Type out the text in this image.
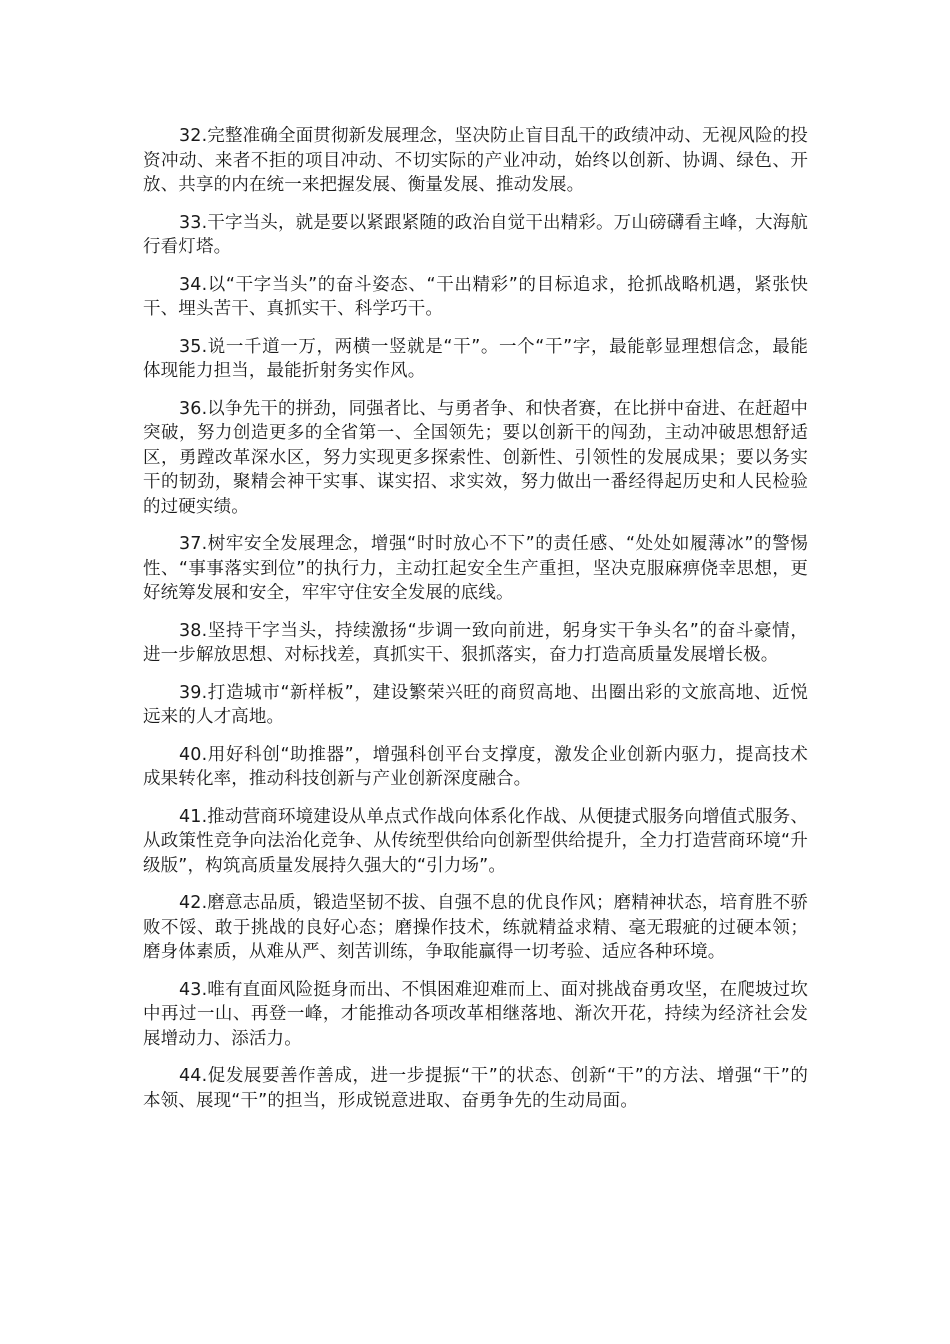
32.完整准确全面贯彻新发展理念，坚决防止盲目乱干的政绩冲动、无视风险的投资冲动、来者不拒的项目冲动、不切实际的产业冲动，始终以创新、协调、绿色、开放、共享的内在统一来把握发展、衡量发展、推动发展。

33.干字当头，就是要以紧跟紧随的政治自觉干出精彩。万山磅礴看主峰，大海航行看灯塔。

34.以“干字当头”的奋斗姿态、“干出精彩”的目标追求，抢抓战略机遇，紧张快干、埋头苦干、真抓实干、科学巧干。

35.说一千道一万，两横一竖就是“干”。一个“干”字，最能彰显理想信念，最能体现能力担当，最能折射务实作风。

36.以争先干的拼劲，同强者比、与勇者争、和快者赛，在比拼中奋进、在赶超中突破，努力创造更多的全省第一、全国领先；要以创新干的闯劲，主动冲破思想舒适区，勇蹚改革深水区，努力实现更多探索性、创新性、引领性的发展成果；要以务实干的韧劲，聚精会神干实事、谋实招、求实效，努力做出一番经得起历史和人民检验的过硬实绩。

37.树牢安全发展理念，增强“时时放心不下”的责任感、“处处如履薄冰”的警惕性、“事事落实到位”的执行力，主动扛起安全生产重担，坚决克服麻痹侥幸思想，更好统筹发展和安全，牢牢守住安全发展的底线。

38.坚持干字当头，持续激扬“步调一致向前进，躬身实干争头名”的奋斗豪情，进一步解放思想、对标找差，真抓实干、狠抓落实，奋力打造高质量发展增长极。

39.打造城市“新样板”，建设繁荣兴旺的商贸高地、出圈出彩的文旅高地、近悦远来的人才高地。

40.用好科创“助推器”，增强科创平台支撑度，激发企业创新内驱力，提高技术成果转化率，推动科技创新与产业创新深度融合。

41.推动营商环境建设从单点式作战向体系化作战、从便捷式服务向增值式服务、从政策性竞争向法治化竞争、从传统型供给向创新型供给提升，全力打造营商环境“升级版”，构筑高质量发展持久强大的“引力场”。

42.磨意志品质，锻造坚韧不拔、自强不息的优良作风；磨精神状态，培育胜不骄败不馁、敢于挑战的良好心态；磨操作技术，练就精益求精、毫无瑕疵的过硬本领；磨身体素质，从难从严、刻苦训练，争取能赢得一切考验、适应各种环境。

43.唯有直面风险挺身而出、不惧困难迎难而上、面对挑战奋勇攻坚，在爬坡过坎中再过一山、再登一峰，才能推动各项改革相继落地、渐次开花，持续为经济社会发展增动力、添活力。

44.促发展要善作善成，进一步提振“干”的状态、创新“干”的方法、增强“干”的本领、展现“干”的担当，形成锐意进取、奋勇争先的生动局面。
